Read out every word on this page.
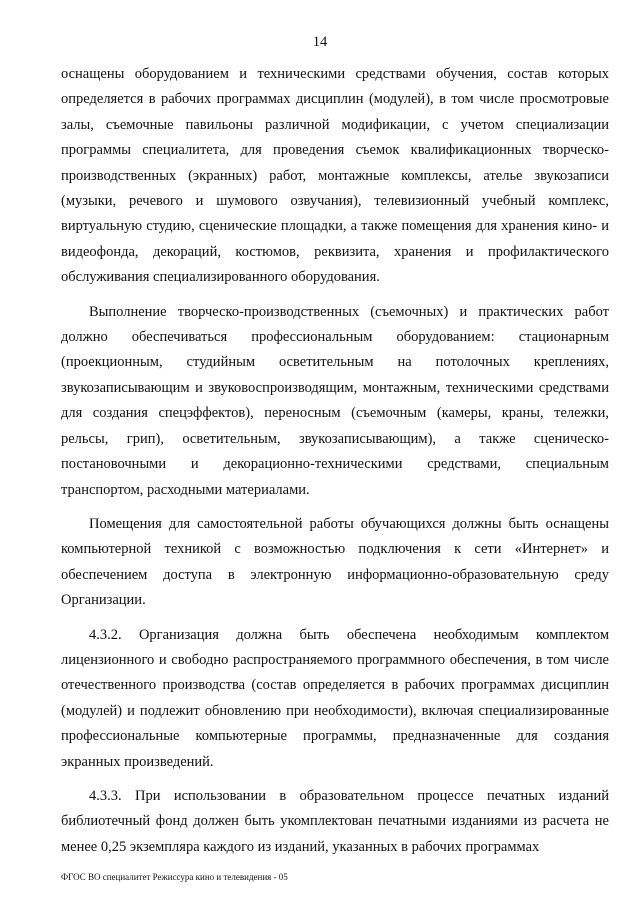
14

оснащены оборудованием и техническими средствами обучения, состав которых определяется в рабочих программах дисциплин (модулей), в том числе просмотровые залы, съемочные павильоны различной модификации, с учетом специализации программы специалитета, для проведения съемок квалификационных творческо-производственных (экранных) работ, монтажные комплексы, ателье звукозаписи (музыки, речевого и шумового озвучания), телевизионный учебный комплекс, виртуальную студию, сценические площадки, а также помещения для хранения кино- и видеофонда, декораций, костюмов, реквизита, хранения и профилактического обслуживания специализированного оборудования.

Выполнение творческо-производственных (съемочных) и практических работ должно обеспечиваться профессиональным оборудованием: стационарным (проекционным, студийным осветительным на потолочных креплениях, звукозаписывающим и звуковоспроизводящим, монтажным, техническими средствами для создания спецэффектов), переносным (съемочным (камеры, краны, тележки, рельсы, грип), осветительным, звукозаписывающим), а также сценическо-постановочными и декорационно-техническими средствами, специальным транспортом, расходными материалами.

Помещения для самостоятельной работы обучающихся должны быть оснащены компьютерной техникой с возможностью подключения к сети «Интернет» и обеспечением доступа в электронную информационно-образовательную среду Организации.

4.3.2. Организация должна быть обеспечена необходимым комплектом лицензионного и свободно распространяемого программного обеспечения, в том числе отечественного производства (состав определяется в рабочих программах дисциплин (модулей) и подлежит обновлению при необходимости), включая специализированные профессиональные компьютерные программы, предназначенные для создания экранных произведений.

4.3.3. При использовании в образовательном процессе печатных изданий библиотечный фонд должен быть укомплектован печатными изданиями из расчета не менее 0,25 экземпляра каждого из изданий, указанных в рабочих программах

ФГОС ВО специалитет Режиссура кино и телевидения - 05
